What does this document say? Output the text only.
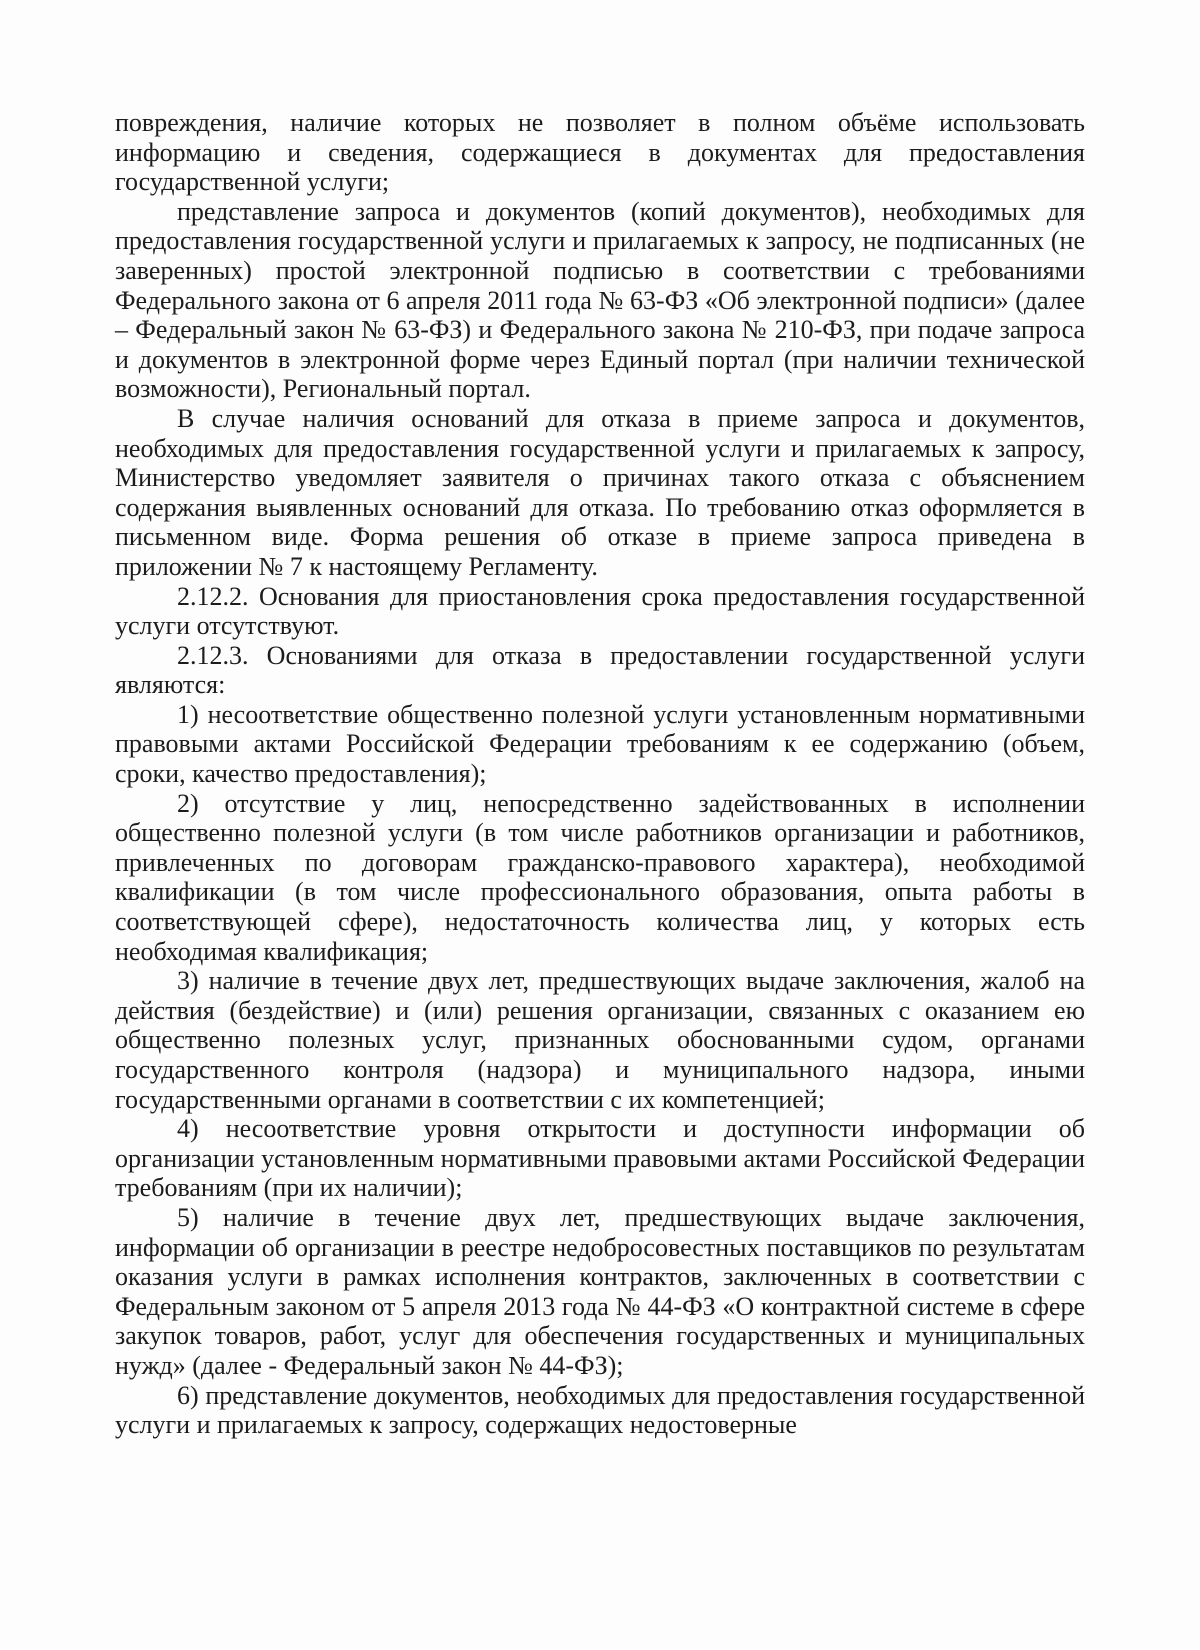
повреждения, наличие которых не позволяет в полном объёме использовать информацию и сведения, содержащиеся в документах для предоставления государственной услуги;

представление запроса и документов (копий документов), необходимых для предоставления государственной услуги и прилагаемых к запросу, не подписанных (не заверенных) простой электронной подписью в соответствии с требованиями Федерального закона от 6 апреля 2011 года № 63-ФЗ «Об электронной подписи» (далее – Федеральный закон № 63-ФЗ) и Федерального закона № 210-ФЗ, при подаче запроса и документов в электронной форме через Единый портал (при наличии технической возможности), Региональный портал.

В случае наличия оснований для отказа в приеме запроса и документов, необходимых для предоставления государственной услуги и прилагаемых к запросу, Министерство уведомляет заявителя о причинах такого отказа с объяснением содержания выявленных оснований для отказа. По требованию отказ оформляется в письменном виде. Форма решения об отказе в приеме запроса приведена в приложении № 7 к настоящему Регламенту.

2.12.2. Основания для приостановления срока предоставления государственной услуги отсутствуют.

2.12.3. Основаниями для отказа в предоставлении государственной услуги являются:

1) несоответствие общественно полезной услуги установленным нормативными правовыми актами Российской Федерации требованиям к ее содержанию (объем, сроки, качество предоставления);

2) отсутствие у лиц, непосредственно задействованных в исполнении общественно полезной услуги (в том числе работников организации и работников, привлеченных по договорам гражданско-правового характера), необходимой квалификации (в том числе профессионального образования, опыта работы в соответствующей сфере), недостаточность количества лиц, у которых есть необходимая квалификация;

3) наличие в течение двух лет, предшествующих выдаче заключения, жалоб на действия (бездействие) и (или) решения организации, связанных с оказанием ею общественно полезных услуг, признанных обоснованными судом, органами государственного контроля (надзора) и муниципального надзора, иными государственными органами в соответствии с их компетенцией;

4) несоответствие уровня открытости и доступности информации об организации установленным нормативными правовыми актами Российской Федерации требованиям (при их наличии);

5) наличие в течение двух лет, предшествующих выдаче заключения, информации об организации в реестре недобросовестных поставщиков по результатам оказания услуги в рамках исполнения контрактов, заключенных в соответствии с Федеральным законом от 5 апреля 2013 года № 44-ФЗ «О контрактной системе в сфере закупок товаров, работ, услуг для обеспечения государственных и муниципальных нужд» (далее - Федеральный закон № 44-ФЗ);

6) представление документов, необходимых для предоставления государственной услуги и прилагаемых к запросу, содержащих недостоверные
